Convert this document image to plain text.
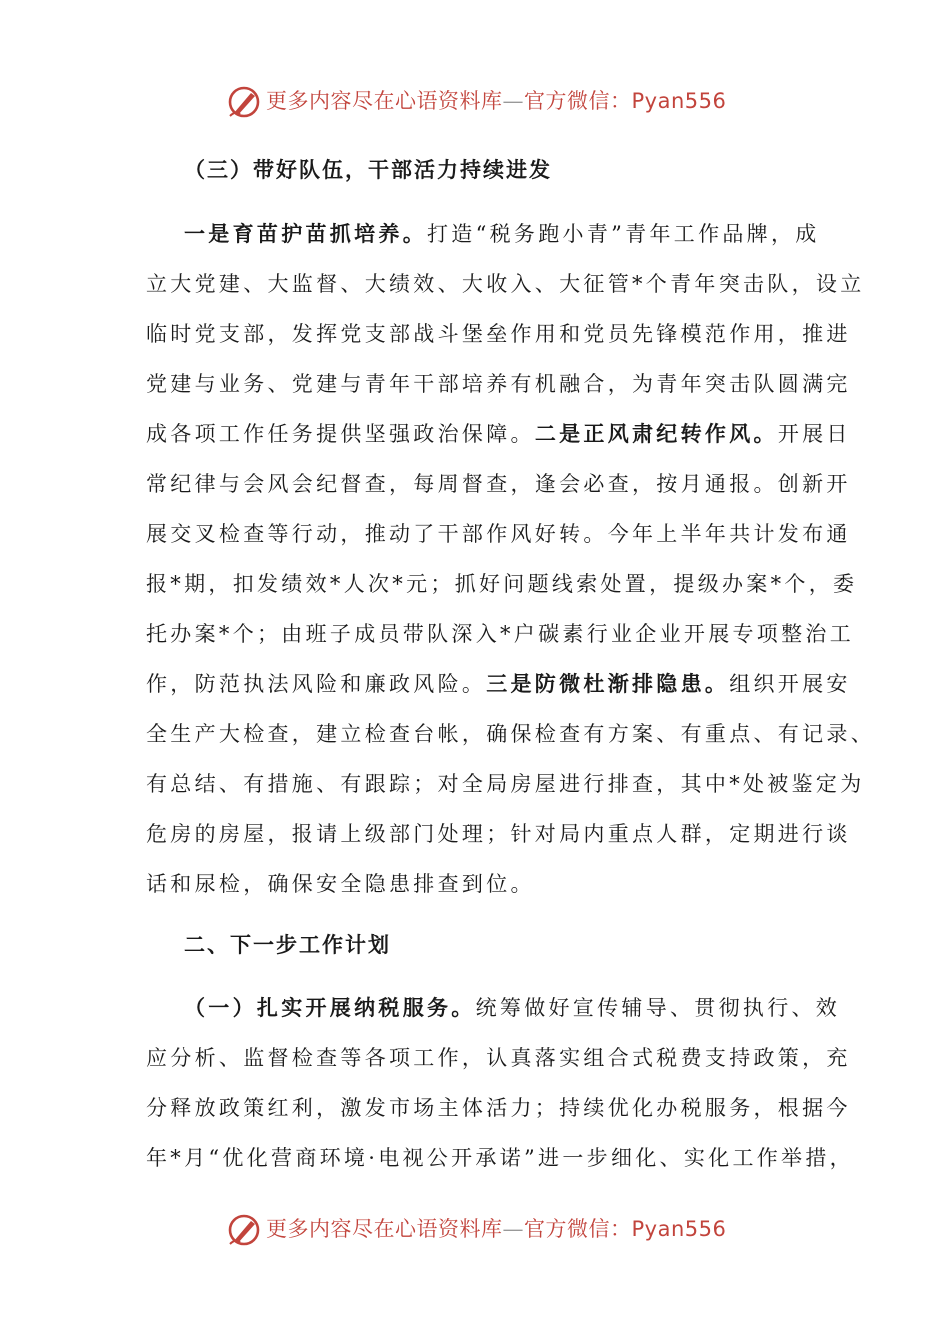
更多内容尽在心语资料库—官方微信：Pyan556
（三）带好队伍，干部活力持续进发
一是育苗护苗抓培养。打造“税务跑小青”青年工作品牌，成
立大党建、大监督、大绩效、大收入、大征管*个青年突击队，设立
临时党支部，发挥党支部战斗堡垒作用和党员先锋模范作用，推进
党建与业务、党建与青年干部培养有机融合，为青年突击队圆满完
成各项工作任务提供坚强政治保障。二是正风肃纪转作风。开展日
常纪律与会风会纪督查，每周督查，逢会必查，按月通报。创新开
展交叉检查等行动，推动了干部作风好转。今年上半年共计发布通
报*期，扣发绩效*人次*元；抓好问题线索处置，提级办案*个，委
托办案*个；由班子成员带队深入*户碳素行业企业开展专项整治工
作，防范执法风险和廉政风险。三是防微杜渐排隐患。组织开展安
全生产大检查，建立检查台帐，确保检查有方案、有重点、有记录、
有总结、有措施、有跟踪；对全局房屋进行排查，其中*处被鉴定为
危房的房屋，报请上级部门处理；针对局内重点人群，定期进行谈
话和尿检，确保安全隐患排查到位。
二、下一步工作计划
（一）扎实开展纳税服务。统筹做好宣传辅导、贯彻执行、效
应分析、监督检查等各项工作，认真落实组合式税费支持政策，充
分释放政策红利，激发市场主体活力；持续优化办税服务，根据今
年*月“优化营商环境·电视公开承诺”进一步细化、实化工作举措，
更多内容尽在心语资料库—官方微信：Pyan556
